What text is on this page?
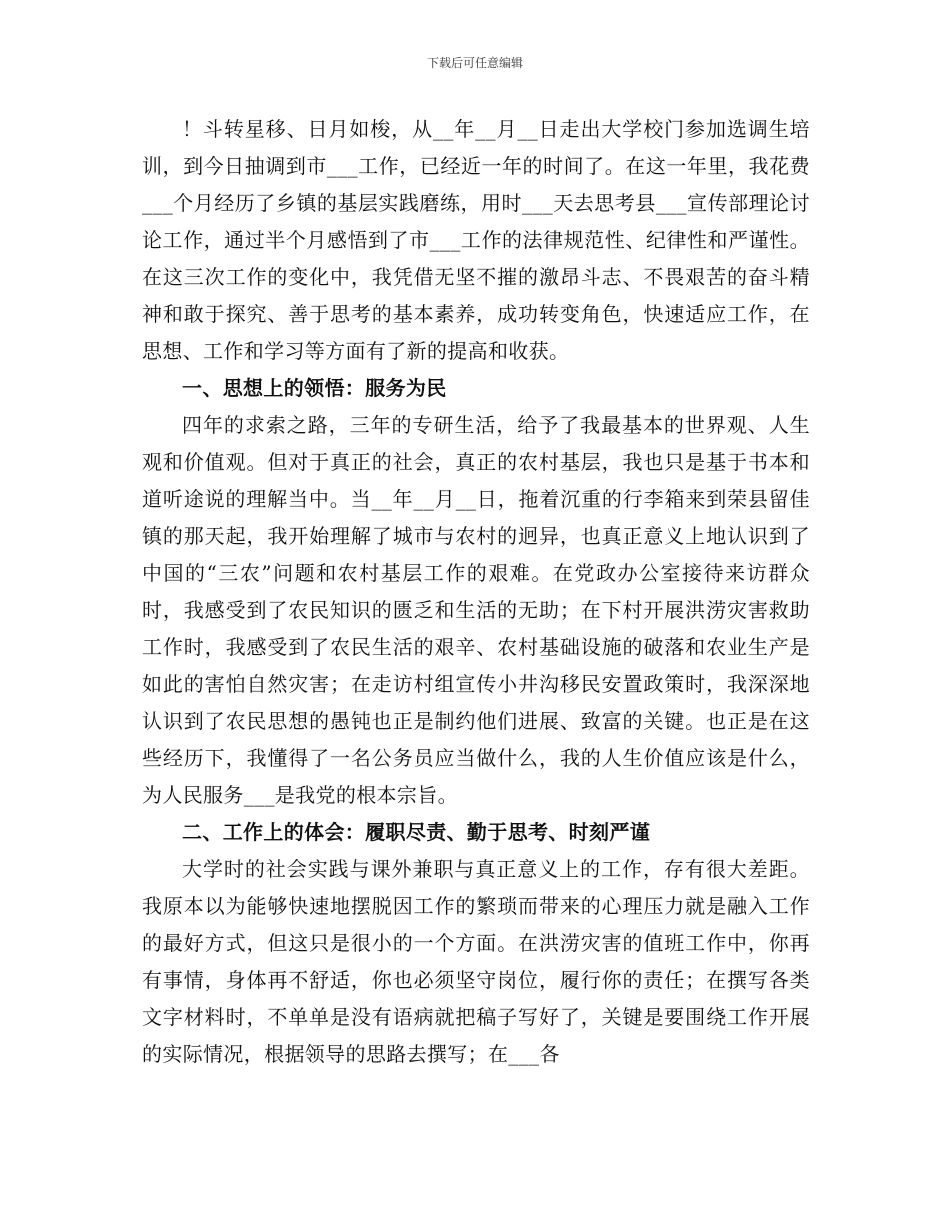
下载后可任意编辑

！斗转星移、日月如梭，从__年__月__日走出大学校门参加选调生培训，到今日抽调到市___工作，已经近一年的时间了。在这一年里，我花费___个月经历了乡镇的基层实践磨练，用时___天去思考县___宣传部理论讨论工作，通过半个月感悟到了市___工作的法律规范性、纪律性和严谨性。在这三次工作的变化中，我凭借无坚不摧的激昂斗志、不畏艰苦的奋斗精神和敢于探究、善于思考的基本素养，成功转变角色，快速适应工作，在思想、工作和学习等方面有了新的提高和收获。

一、思想上的领悟：服务为民

四年的求索之路，三年的专研生活，给予了我最基本的世界观、人生观和价值观。但对于真正的社会，真正的农村基层，我也只是基于书本和道听途说的理解当中。当__年__月__日，拖着沉重的行李箱来到荣县留佳镇的那天起，我开始理解了城市与农村的迥异，也真正意义上地认识到了中国的“三农”问题和农村基层工作的艰难。在党政办公室接待来访群众时，我感受到了农民知识的匮乏和生活的无助；在下村开展洪涝灾害救助工作时，我感受到了农民生活的艰辛、农村基础设施的破落和农业生产是如此的害怕自然灾害；在走访村组宣传小井沟移民安置政策时，我深深地认识到了农民思想的愚钝也正是制约他们进展、致富的关键。也正是在这些经历下，我懂得了一名公务员应当做什么，我的人生价值应该是什么，为人民服务___是我党的根本宗旨。

二、工作上的体会：履职尽责、勤于思考、时刻严谨

大学时的社会实践与课外兼职与真正意义上的工作，存有很大差距。我原本以为能够快速地摆脱因工作的繁琐而带来的心理压力就是融入工作的最好方式，但这只是很小的一个方面。在洪涝灾害的值班工作中，你再有事情，身体再不舒适，你也必须坚守岗位，履行你的责任；在撰写各类文字材料时，不单单是没有语病就把稿子写好了，关键是要围绕工作开展的实际情况，根据领导的思路去撰写；在___各
